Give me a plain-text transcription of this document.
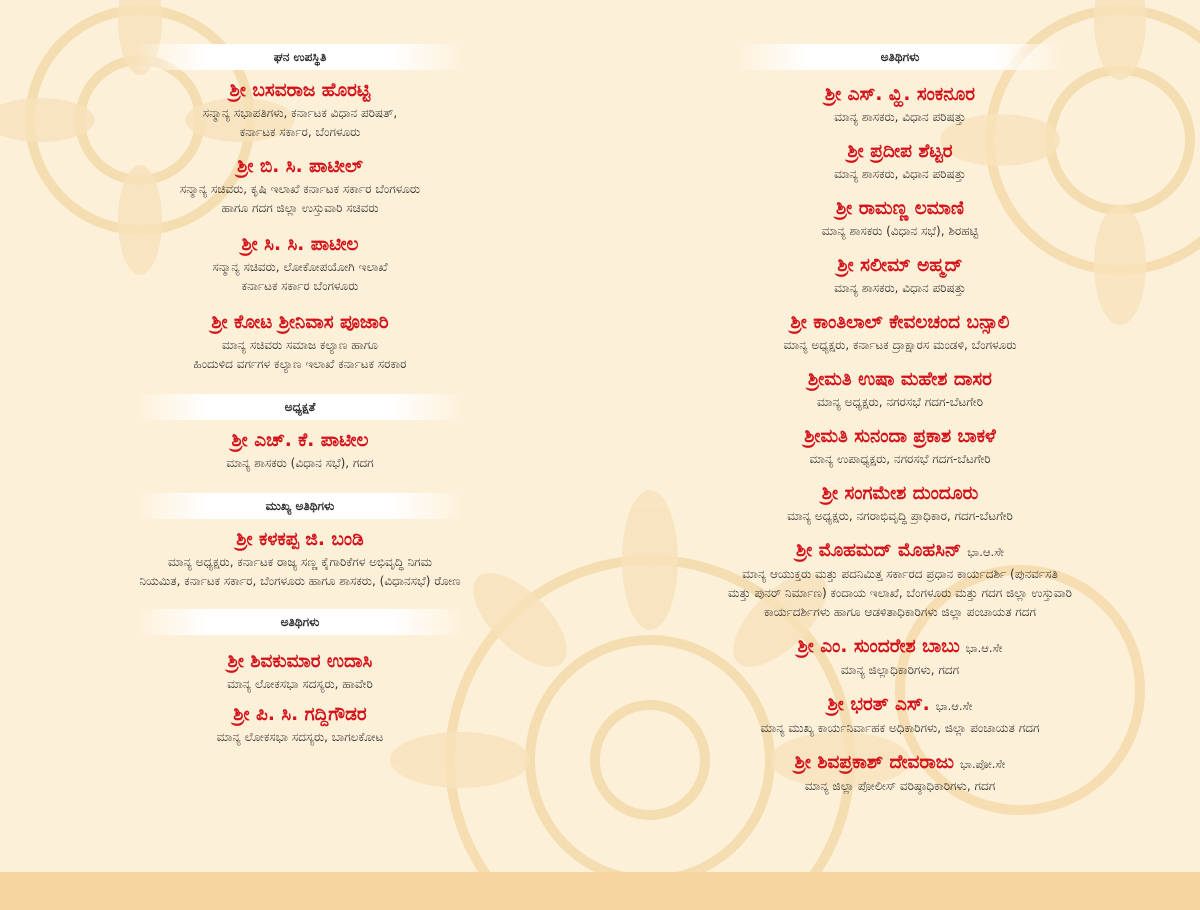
ಘನ ಉಪಸ್ಥಿತಿ
ಶ್ರೀ ಬಸವರಾಜ ಹೊರಟ್ಟಿ
ಸನ್ಮಾನ್ಯ ಸಭಾಪತಿಗಳು, ಕರ್ನಾಟಕ ವಿಧಾನ ಪರಿಷತ್,
ಕರ್ನಾಟಕ ಸರ್ಕಾರ, ಬೆಂಗಳೂರು
ಶ್ರೀ ಬಿ. ಸಿ. ಪಾಟೀಲ್
ಸನ್ಮಾನ್ಯ ಸಚಿವರು, ಕೃಷಿ ಇಲಾಖೆ ಕರ್ನಾಟಕ ಸರ್ಕಾರ ಬೆಂಗಳೂರು
ಹಾಗೂ ಗದಗ ಜಿಲ್ಲಾ ಉಸ್ತುವಾರಿ ಸಚಿವರು
ಶ್ರೀ ಸಿ. ಸಿ. ಪಾಟೀಲ
ಸನ್ಮಾನ್ಯ ಸಚಿವರು, ಲೋಕೋಪಯೋಗಿ ಇಲಾಖೆ
ಕರ್ನಾಟಕ ಸರ್ಕಾರ ಬೆಂಗಳೂರು
ಶ್ರೀ ಕೋಟ ಶ್ರೀನಿವಾಸ ಪೂಜಾರಿ
ಮಾನ್ಯ ಸಚಿವರು ಸಮಾಜ ಕಲ್ಯಾಣ ಹಾಗೂ
ಹಿಂದುಳಿದ ವರ್ಗಗಳ ಕಲ್ಯಾಣ ಇಲಾಖೆ ಕರ್ನಾಟಕ ಸರಕಾರ
ಅಧ್ಯಕ್ಷತೆ
ಶ್ರೀ ಎಚ್. ಕೆ. ಪಾಟೀಲ
ಮಾನ್ಯ ಶಾಸಕರು (ವಿಧಾನ ಸಭೆ), ಗದಗ
ಮುಖ್ಯ ಅತಿಥಿಗಳು
ಶ್ರೀ ಕಳಕಪ್ಪ ಜಿ. ಬಂಡಿ
ಮಾನ್ಯ ಅಧ್ಯಕ್ಷರು, ಕರ್ನಾಟಕ ರಾಜ್ಯ ಸಣ್ಣ ಕೈಗಾರಿಕೆಗಳ ಅಭಿವೃದ್ಧಿ ನಿಗಮ
ನಿಯಮಿತ, ಕರ್ನಾಟಕ ಸರ್ಕಾರ, ಬೆಂಗಳೂರು ಹಾಗೂ ಶಾಸಕರು, (ವಿಧಾನಸಭೆ) ರೋಣ
ಅತಿಥಿಗಳು
ಶ್ರೀ ಶಿವಕುಮಾರ ಉದಾಸಿ
ಮಾನ್ಯ ಲೋಕಸಭಾ ಸದಸ್ಯರು, ಹಾವೇರಿ
ಶ್ರೀ ಪಿ. ಸಿ. ಗದ್ದಿಗೌಡರ
ಮಾನ್ಯ ಲೋಕಸಭಾ ಸದಸ್ಯರು, ಬಾಗಲಕೋಟ
ಅತಿಥಿಗಳು
ಶ್ರೀ ಎಸ್. ವ್ಹಿ. ಸಂಕನೂರ
ಮಾನ್ಯ ಶಾಸಕರು, ವಿಧಾನ ಪರಿಷತ್ತು
ಶ್ರೀ ಪ್ರದೀಪ ಶೆಟ್ಟರ
ಮಾನ್ಯ ಶಾಸಕರು, ವಿಧಾನ ಪರಿಷತ್ತು
ಶ್ರೀ ರಾಮಣ್ಣ ಲಮಾಣಿ
ಮಾನ್ಯ ಶಾಸಕರು (ವಿಧಾನ ಸಭೆ), ಶಿರಹಟ್ಟಿ
ಶ್ರೀ ಸಲೀಮ್ ಅಹ್ಮದ್
ಮಾನ್ಯ ಶಾಸಕರು, ವಿಧಾನ ಪರಿಷತ್ತು
ಶ್ರೀ ಕಾಂತಿಲಾಲ್ ಕೇವಲಚಂದ ಬನ್ಸಾಲಿ
ಮಾನ್ಯ ಅಧ್ಯಕ್ಷರು, ಕರ್ನಾಟಕ ದ್ರಾಕ್ಷಾರಸ ಮಂಡಳಿ, ಬೆಂಗಳೂರು
ಶ್ರೀಮತಿ ಉಷಾ ಮಹೇಶ ದಾಸರ
ಮಾನ್ಯ ಅಧ್ಯಕ್ಷರು, ನಗರಸಭೆ ಗದಗ-ಬೆಟಗೇರಿ
ಶ್ರೀಮತಿ ಸುನಂದಾ ಪ್ರಕಾಶ ಬಾಕಳೆ
ಮಾನ್ಯ ಉಪಾಧ್ಯಕ್ಷರು, ನಗರಸಭೆ ಗದಗ-ಬೆಟಗೇರಿ
ಶ್ರೀ ಸಂಗಮೇಶ ದುಂದೂರು
ಮಾನ್ಯ ಅಧ್ಯಕ್ಷರು, ನಗರಾಭಿವೃದ್ಧಿ ಪ್ರಾಧಿಕಾರ, ಗದಗ-ಬೆಟಗೇರಿ
ಶ್ರೀ ಮೊಹಮದ್ ಮೊಹಸಿನ್ ಭಾ.ಆ.ಸೇ
ಮಾನ್ಯ ಆಯುಕ್ತರು ಮತ್ತು ಪದನಿಮಿತ್ತ ಸರ್ಕಾರದ ಪ್ರಧಾನ ಕಾರ್ಯದರ್ಶಿ (ಪುನರ್ವಸತಿ
ಮತ್ತು ಪುನರ್ ನಿರ್ಮಾಣ) ಕಂದಾಯ ಇಲಾಖೆ, ಬೆಂಗಳೂರು ಮತ್ತು ಗದಗ ಜಿಲ್ಲಾ ಉಸ್ತುವಾರಿ
ಕಾರ್ಯದರ್ಶಿಗಳು ಹಾಗೂ ಆಡಳಿತಾಧಿಕಾರಿಗಳು ಜಿಲ್ಲಾ ಪಂಚಾಯತ ಗದಗ
ಶ್ರೀ ಎಂ. ಸುಂದರೇಶ ಬಾಬು ಭಾ.ಆ.ಸೇ
ಮಾನ್ಯ ಜಿಲ್ಲಾಧಿಕಾರಿಗಳು, ಗದಗ
ಶ್ರೀ ಭರತ್ ಎಸ್. ಭಾ.ಆ.ಸೇ
ಮಾನ್ಯ ಮುಖ್ಯ ಕಾರ್ಯನಿರ್ವಾಹಕ ಅಧಿಕಾರಿಗಳು, ಜಿಲ್ಲಾ ಪಂಚಾಯತ ಗದಗ
ಶ್ರೀ ಶಿವಪ್ರಕಾಶ್ ದೇವರಾಜು ಭಾ.ಪೋ.ಸೇ
ಮಾನ್ಯ ಜಿಲ್ಲಾ ಪೋಲೀಸ್ ವರಿಷ್ಠಾಧಿಕಾರಿಗಳು, ಗದಗ
